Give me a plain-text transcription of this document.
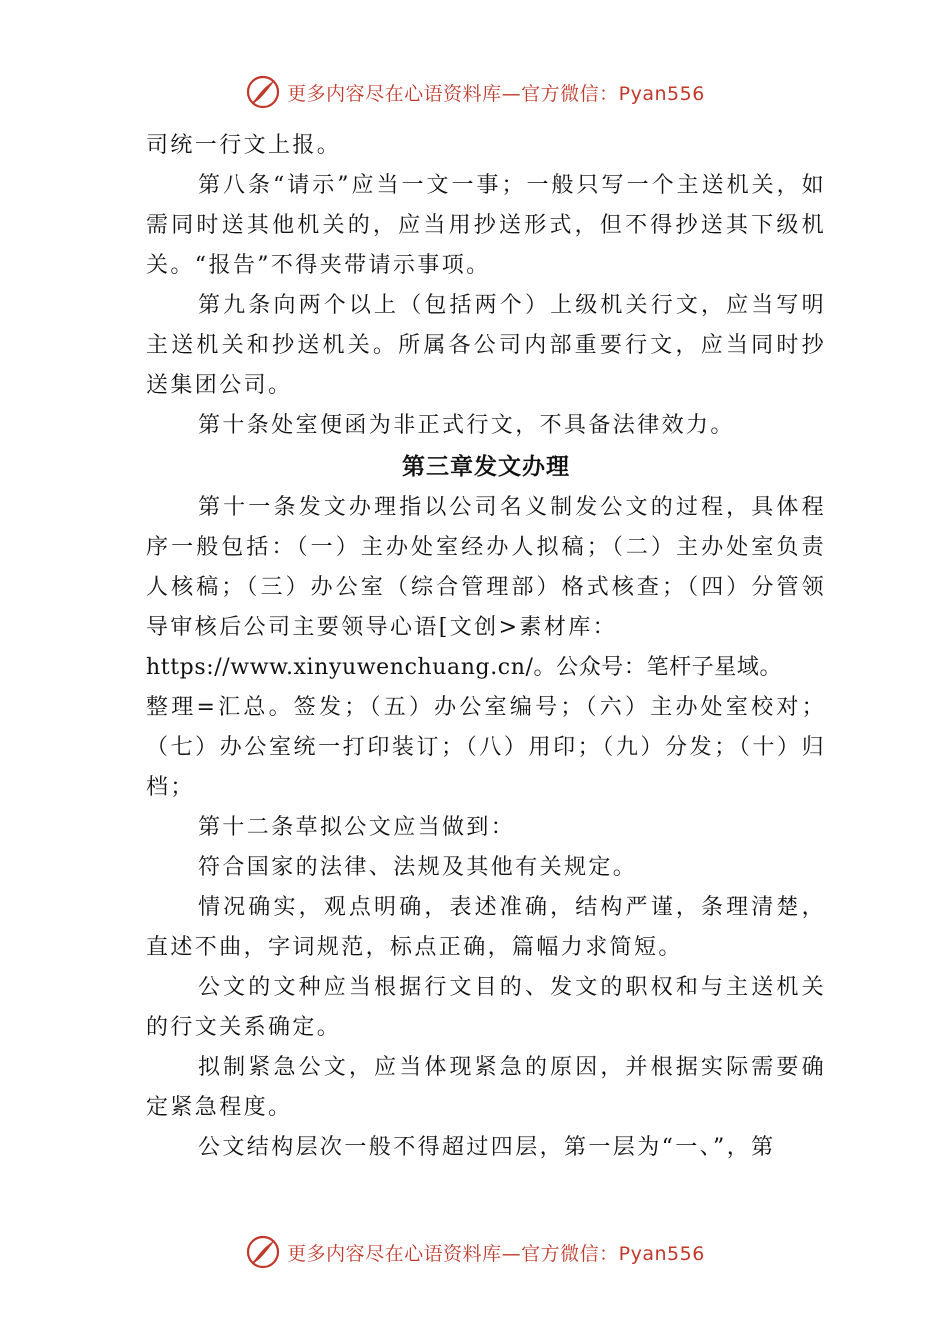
更多内容尽在心语资料库—官方微信：Pyan556

司统一行文上报。

第八条“请示”应当一文一事；一般只写一个主送机关，如需同时送其他机关的，应当用抄送形式，但不得抄送其下级机关。“报告”不得夹带请示事项。

第九条向两个以上（包括两个）上级机关行文，应当写明主送机关和抄送机关。所属各公司内部重要行文，应当同时抄送集团公司。

第十条处室便函为非正式行文，不具备法律效力。

第三章发文办理

第十一条发文办理指以公司名义制发公文的过程，具体程序一般包括：（一）主办处室经办人拟稿；（二）主办处室负责人核稿；（三）办公室（综合管理部）格式核查；（四）分管领导审核后公司主要领导心语[文创>素材库：

https://www.xinyuwenchuang.cn/。公众号：笔杆子星域。

整理=汇总。签发；（五）办公室编号；（六）主办处室校对；（七）办公室统一打印装订；（八）用印；（九）分发；（十）归档；

第十二条草拟公文应当做到：

符合国家的法律、法规及其他有关规定。

情况确实，观点明确，表述准确，结构严谨，条理清楚，直述不曲，字词规范，标点正确，篇幅力求简短。

公文的文种应当根据行文目的、发文的职权和与主送机关的行文关系确定。

拟制紧急公文，应当体现紧急的原因，并根据实际需要确定紧急程度。

公文结构层次一般不得超过四层，第一层为“一、”，第

更多内容尽在心语资料库—官方微信：Pyan556
